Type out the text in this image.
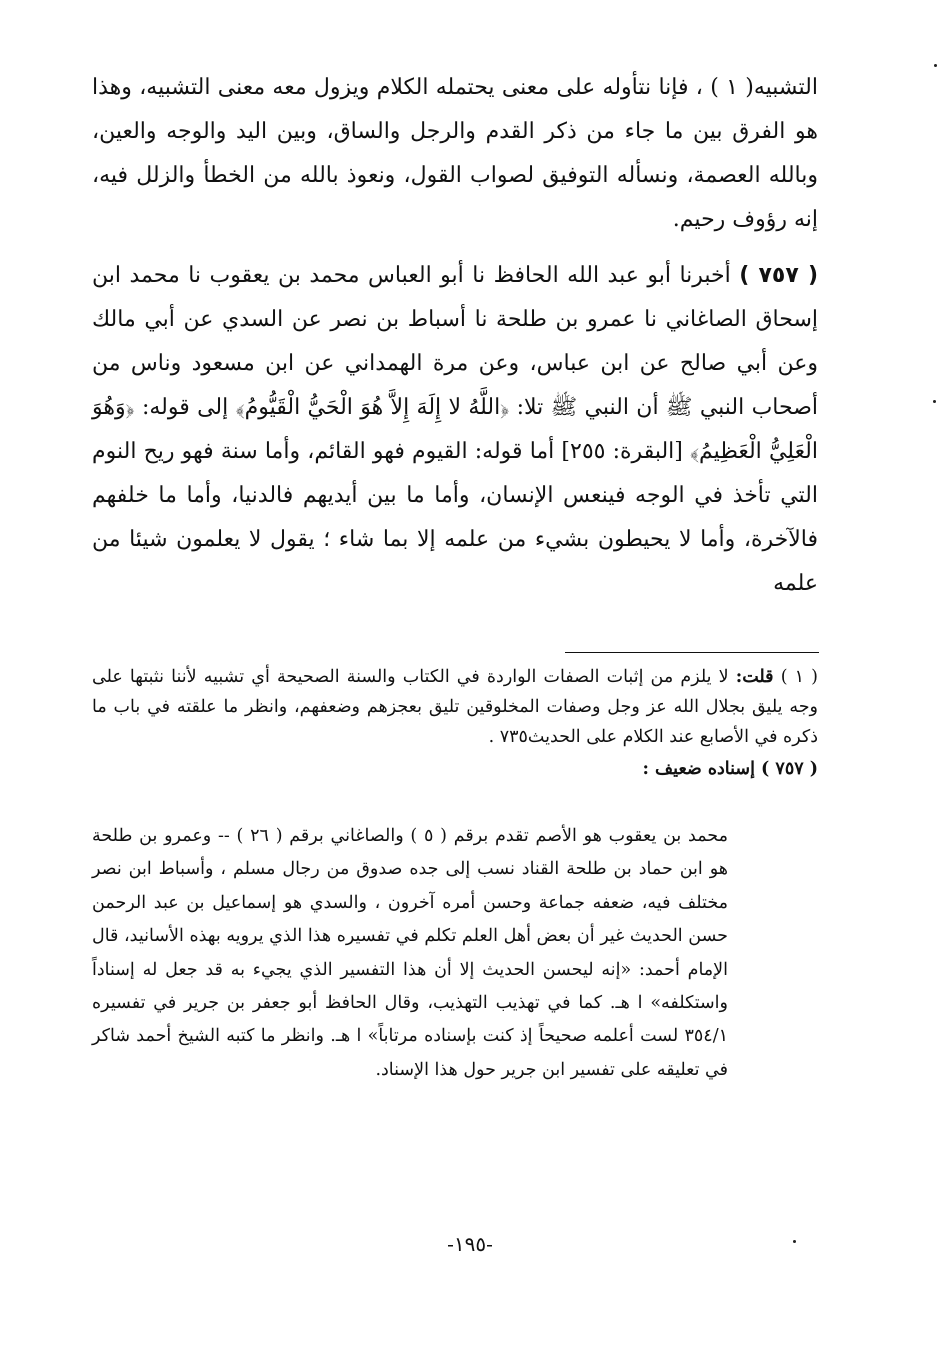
التشبيه( ١ ) ، فإنا نتأوله على معنى يحتمله الكلام ويزول معه معنى التشبيه، وهذا هو الفرق بين ما جاء من ذكر القدم والرجل والساق، وبين اليد والوجه والعين، وبالله العصمة، ونسأله التوفيق لصواب القول، ونعوذ بالله من الخطأ والزلل فيه، إنه رؤوف رحيم.

( ٧٥٧ ) أخبرنا أبو عبد الله الحافظ نا أبو العباس محمد بن يعقوب نا محمد ابن إسحاق الصاغاني نا عمرو بن طلحة نا أسباط بن نصر عن السدي عن أبي مالك وعن أبي صالح عن ابن عباس، وعن مرة الهمداني عن ابن مسعود وناس من أصحاب النبي ﷺ أن النبي ﷺ تلا: ﴿اللَّهُ لا إِلَهَ إِلاَّ هُوَ الْحَيُّ الْقَيُّومُ﴾ إلى قوله: ﴿وَهُوَ الْعَلِيُّ الْعَظِيمُ﴾ [البقرة: ٢٥٥] أما قوله: القيوم فهو القائم، وأما سنة فهو ريح النوم التي تأخذ في الوجه فينعس الإنسان، وأما ما بين أيديهم فالدنيا، وأما ما خلفهم فالآخرة، وأما لا يحيطون بشيء من علمه إلا بما شاء ؛ يقول لا يعلمون شيئا من علمه

( ١ ) قلت: لا يلزم من إثبات الصفات الواردة في الكتاب والسنة الصحيحة أي تشبيه لأننا نثبتها على وجه يليق بجلال الله عز وجل وصفات المخلوقين تليق بعجزهم وضعفهم، وانظر ما علقته في باب ما ذكره في الأصابع عند الكلام على الحديث٧٣٥ .

( ٧٥٧ ) إسناده ضعيف :

محمد بن يعقوب هو الأصم تقدم برقم ( ٥ ) والصاغاني برقم ( ٢٦ ) -- وعمرو بن طلحة هو ابن حماد بن طلحة القناد نسب إلى جده صدوق من رجال مسلم ، وأسباط ابن نصر مختلف فيه، ضعفه جماعة وحسن أمره آخرون ، والسدي هو إسماعيل بن عبد الرحمن حسن الحديث غير أن بعض أهل العلم تكلم في تفسيره هذا الذي يرويه بهذه الأسانيد، قال الإمام أحمد: «إنه ليحسن الحديث إلا أن هذا التفسير الذي يجيء به قد جعل له إسناداً واستكلفه» ا هـ. كما في تهذيب التهذيب، وقال الحافظ أبو جعفر بن جرير في تفسيره ٣٥٤/١ لست أعلمه صحيحاً إذ كنت بإسناده مرتاباً» ا هـ. وانظر ما كتبه الشيخ أحمد شاكر في تعليقه على تفسير ابن جرير حول هذا الإسناد.

-١٩٥-
